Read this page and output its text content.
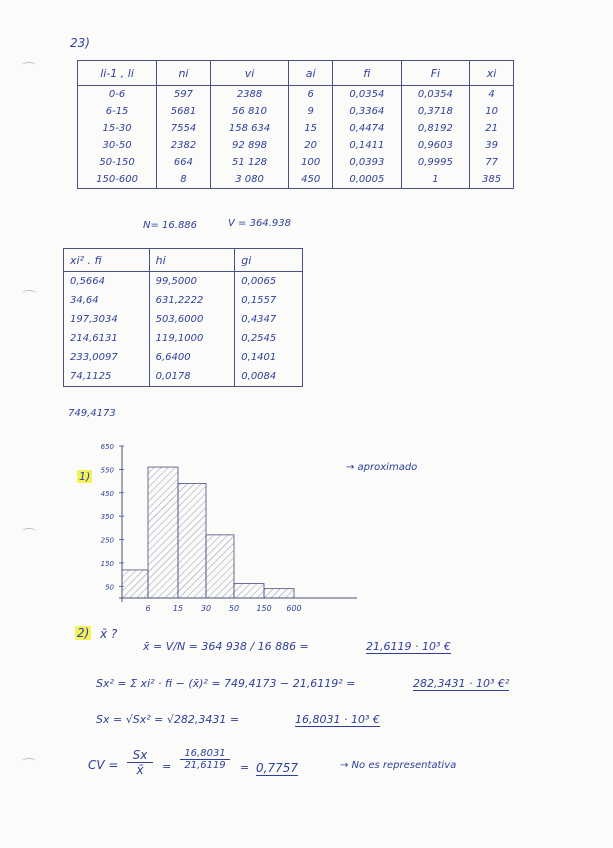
23)
li-1 , li	ni	vi	ai	fi	Fi	xi
0-6	597	2388	6	0,0354	0,0354	4
6-15	5681	56 810	9	0,3364	0,3718	10
15-30	7554	158 634	15	0,4474	0,8192	21
30-50	2382	92 898	20	0,1411	0,9603	39
50-150	664	51 128	100	0,0393	0,9995	77
150-600	8	3 080	450	0,0005	1	385
N= 16.886	V = 364.938
xi² . fi	hi	gi
0,5664	99,5000	0,0065
34,64	631,2222	0,1557
197,3034	503,6000	0,4347
214,6131	119,1000	0,2545
233,0097	6,6400	0,1401
74,1125	0,0178	0,0084
749,4173
650
550
450
350
250
150
50
6	15 30 50 150 600
1)
→ aproximado
2) x̄ ?
x̄ = V/N = 364 938 / 16 886 =	21,6119 · 10³ €
Sx² = Σ xi² · fi − (x̄)² = 749,4173 − 21,6119² =	282,3431 · 10³ €²
Sx = √Sx² = √282,3431 =	16,8031 · 10³ €
CV = $\frac{Sx}{x̄} = \frac{16,8031}{21,6119} = 0,7757$	→ No es representativa
